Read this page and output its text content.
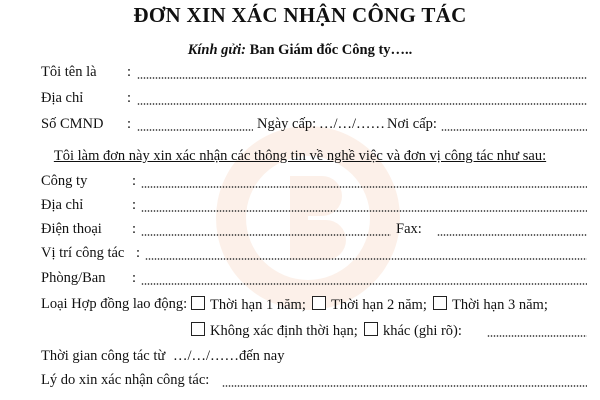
ĐƠN XIN XÁC NHẬN CÔNG TÁC
Kính gửi: Ban Giám đốc Công ty…..
Tôi tên là :
Địa chỉ	:
Số CMND :	Ngày cấp: …/…/…… Nơi cấp:
Tôi làm đơn này xin xác nhận các thông tin về nghề việc và đơn vị công tác như sau:
Công ty	:
Địa chỉ	:
Điện thoại :	Fax:
Vị trí công tác :
Phòng/Ban :
Loại Hợp đồng lao động:	Thời hạn 1 năm;	Thời hạn 2 năm;	Thời hạn 3 năm;
Không xác định thời hạn;	khác (ghi rõ):
Thời gian công tác từ …/…/…… đến nay
Lý do xin xác nhận công tác:
